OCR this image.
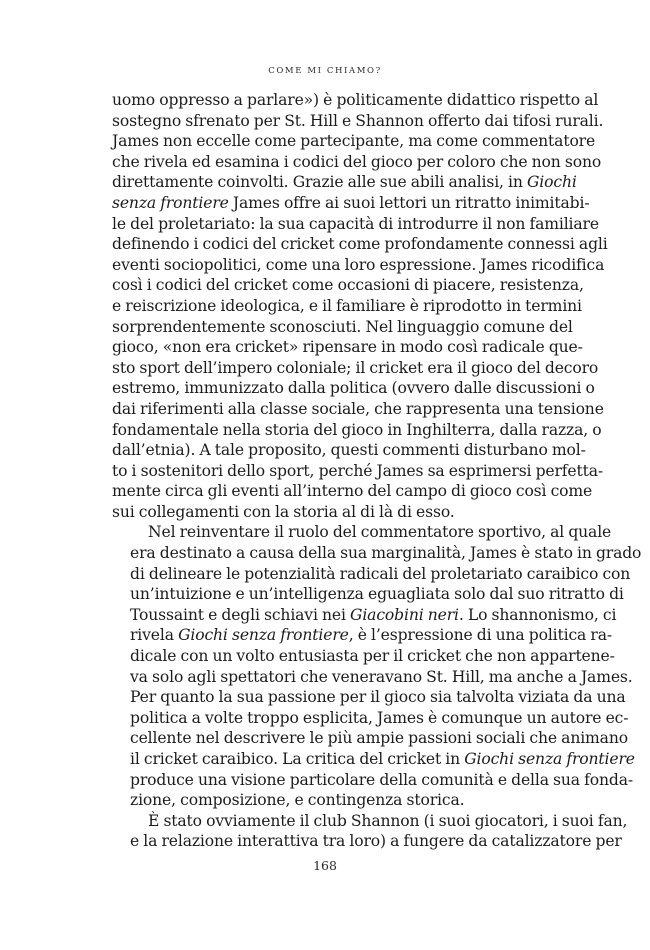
COME MI CHIAMO?

uomo oppresso a parlare») è politicamente didattico rispetto al
sostegno sfrenato per St. Hill e Shannon offerto dai tifosi rurali.
James non eccelle come partecipante, ma come commentatore
che rivela ed esamina i codici del gioco per coloro che non sono
direttamente coinvolti. Grazie alle sue abili analisi, in Giochi
senza frontiere James offre ai suoi lettori un ritratto inimitabi-
le del proletariato: la sua capacità di introdurre il non familiare
definendo i codici del cricket come profondamente connessi agli
eventi sociopolitici, come una loro espressione. James ricodifica
così i codici del cricket come occasioni di piacere, resistenza,
e reiscrizione ideologica, e il familiare è riprodotto in termini
sorprendentemente sconosciuti. Nel linguaggio comune del
gioco, «non era cricket» ripensare in modo così radicale que-
sto sport dell’impero coloniale; il cricket era il gioco del decoro
estremo, immunizzato dalla politica (ovvero dalle discussioni o
dai riferimenti alla classe sociale, che rappresenta una tensione
fondamentale nella storia del gioco in Inghilterra, dalla razza, o
dall’etnia). A tale proposito, questi commenti disturbano mol-
to i sostenitori dello sport, perché James sa esprimersi perfetta-
mente circa gli eventi all’interno del campo di gioco così come
sui collegamenti con la storia al di là di esso.

Nel reinventare il ruolo del commentatore sportivo, al quale
era destinato a causa della sua marginalità, James è stato in grado
di delineare le potenzialità radicali del proletariato caraibico con
un’intuizione e un’intelligenza eguagliata solo dal suo ritratto di
Toussaint e degli schiavi nei Giacobini neri. Lo shannonismo, ci
rivela Giochi senza frontiere, è l’espressione di una politica ra-
dicale con un volto entusiasta per il cricket che non appartene-
va solo agli spettatori che veneravano St. Hill, ma anche a James.
Per quanto la sua passione per il gioco sia talvolta viziata da una
politica a volte troppo esplicita, James è comunque un autore ec-
cellente nel descrivere le più ampie passioni sociali che animano
il cricket caraibico. La critica del cricket in Giochi senza frontiere
produce una visione particolare della comunità e della sua fonda-
zione, composizione, e contingenza storica.

È stato ovviamente il club Shannon (i suoi giocatori, i suoi fan,
e la relazione interattiva tra loro) a fungere da catalizzatore per

168
